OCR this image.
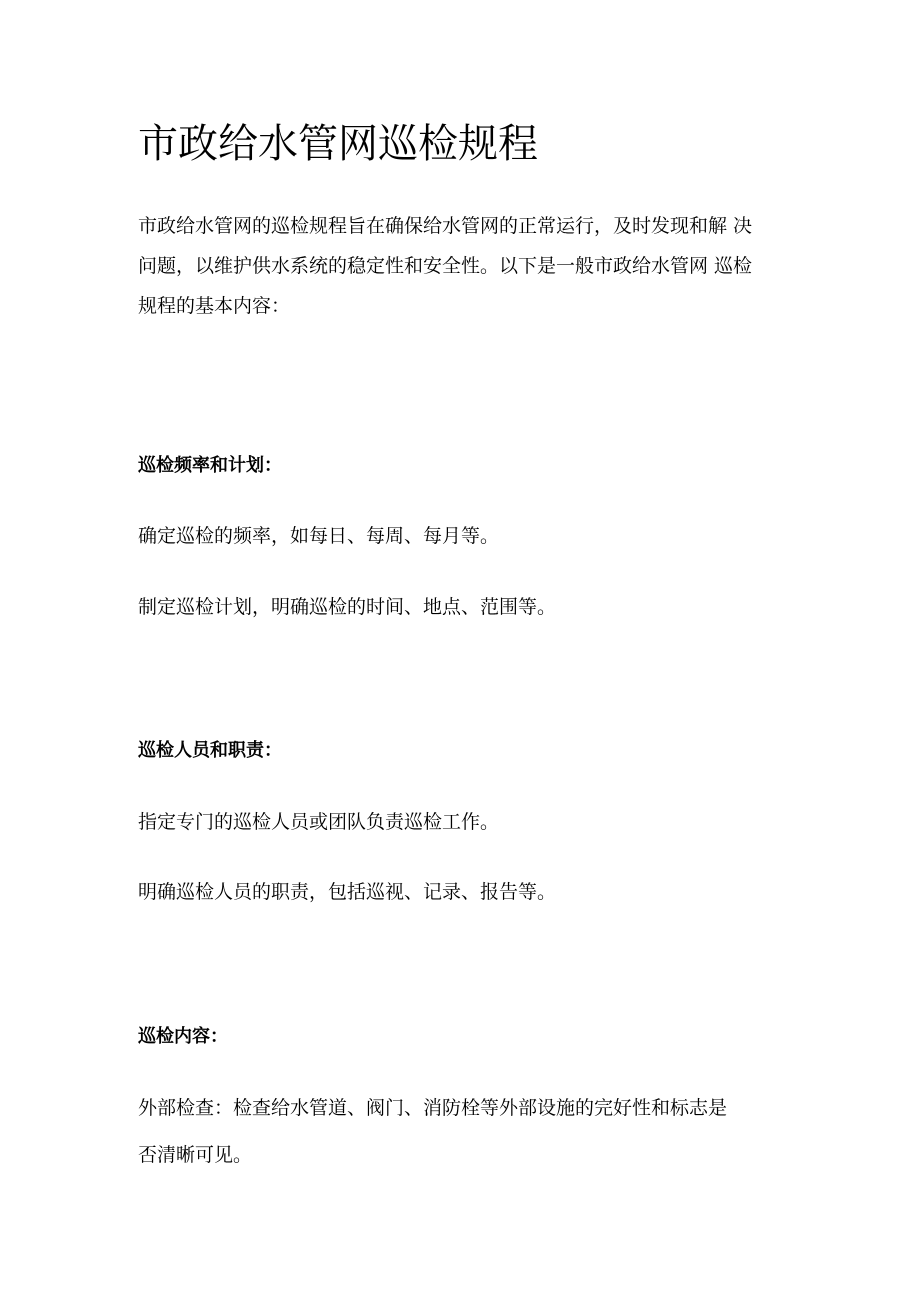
市政给水管网巡检规程

市政给水管网的巡检规程旨在确保给水管网的正常运行，及时发现和解 决
问题，以维护供水系统的稳定性和安全性。以下是一般市政给水管网 巡检
规程的基本内容：

巡检频率和计划：

确定巡检的频率，如每日、每周、每月等。

制定巡检计划，明确巡检的时间、地点、范围等。

巡检人员和职责：

指定专门的巡检人员或团队负责巡检工作。

明确巡检人员的职责，包括巡视、记录、报告等。

巡检内容：

外部检查：检查给水管道、阀门、消防栓等外部设施的完好性和标志是

否清晰可见。
